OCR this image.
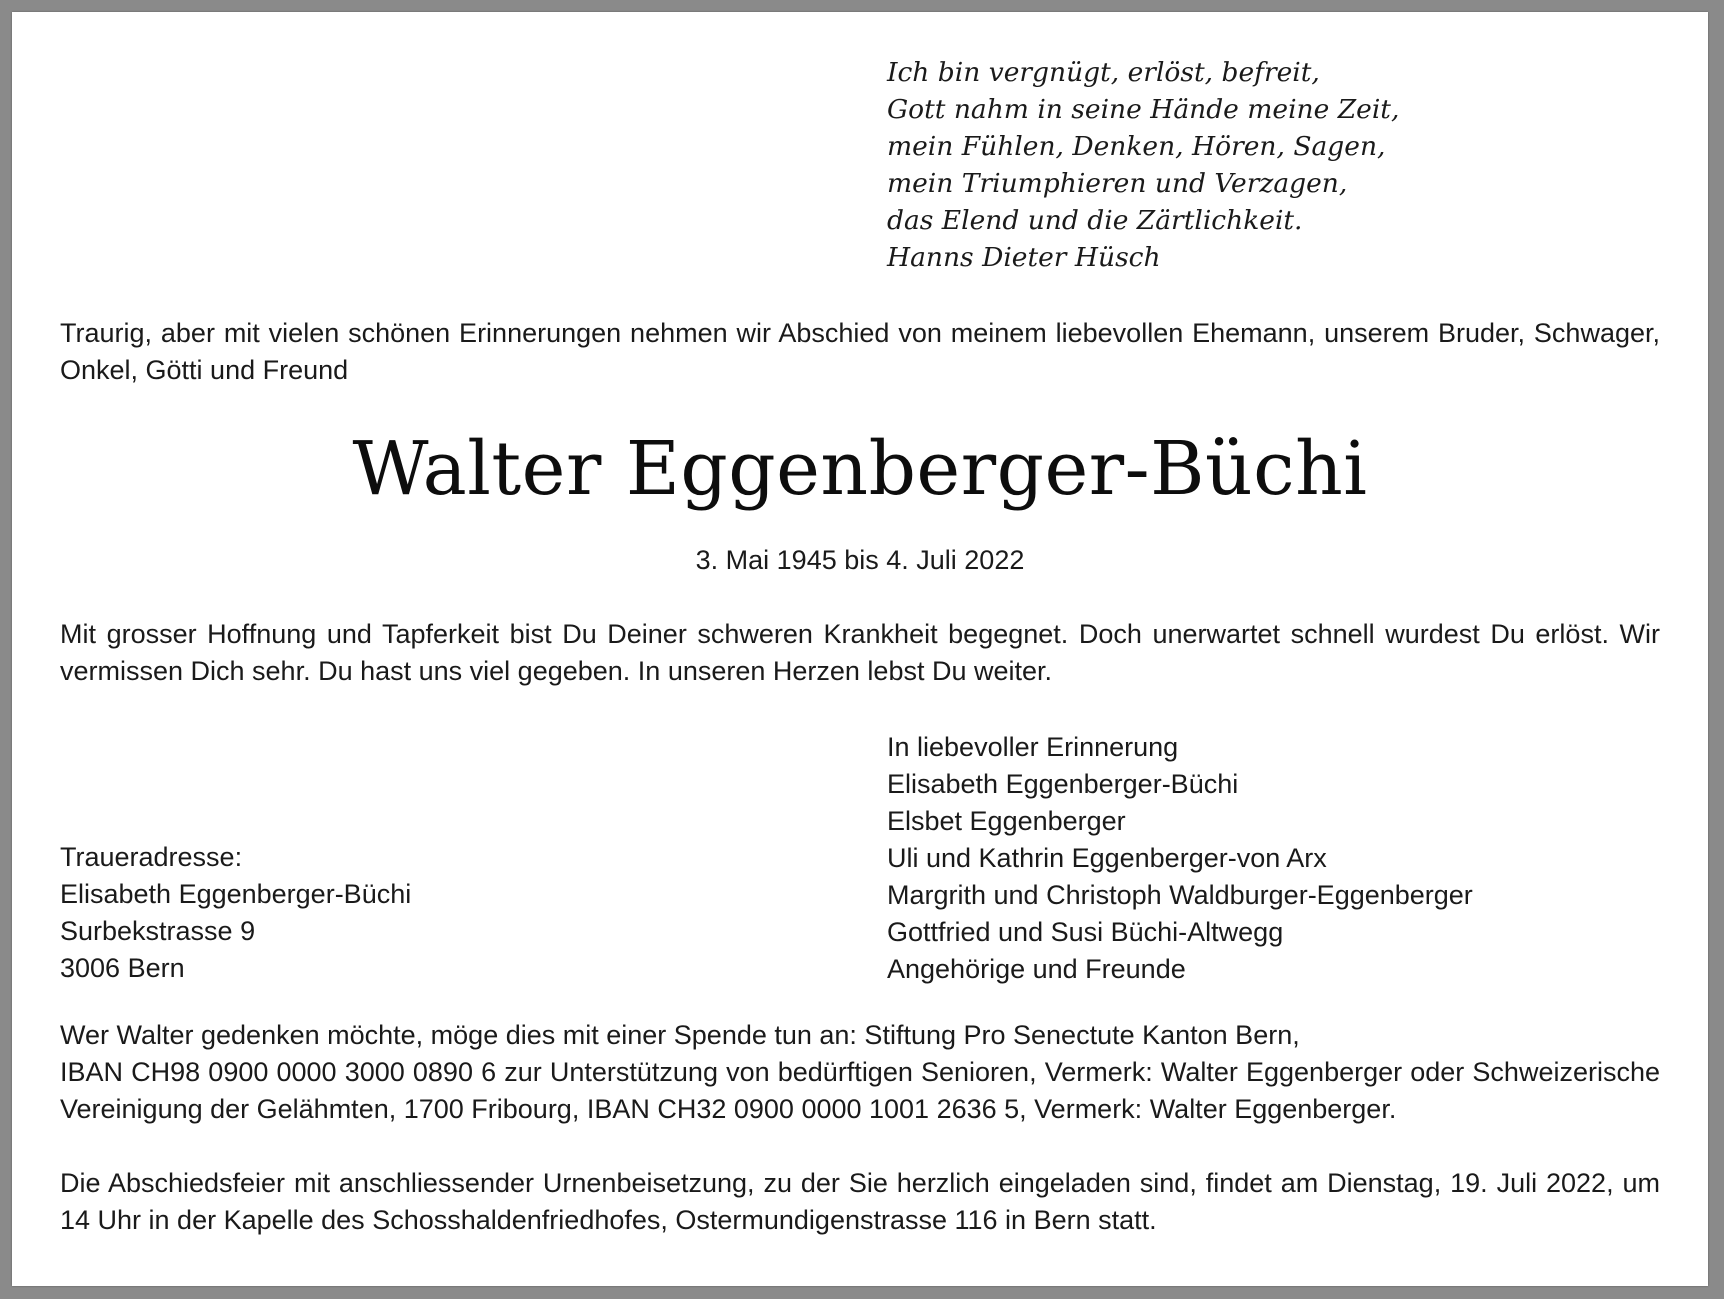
Ich bin vergnügt, erlöst, befreit,
Gott nahm in seine Hände meine Zeit,
mein Fühlen, Denken, Hören, Sagen,
mein Triumphieren und Verzagen,
das Elend und die Zärtlichkeit.
Hanns Dieter Hüsch
Traurig, aber mit vielen schönen Erinnerungen nehmen wir Abschied von meinem liebevollen Ehemann, unserem Bruder, Schwager, Onkel, Götti und Freund
Walter Eggenberger-Büchi
3. Mai 1945 bis 4. Juli 2022
Mit grosser Hoffnung und Tapferkeit bist Du Deiner schweren Krankheit begegnet. Doch unerwartet schnell wurdest Du erlöst. Wir vermissen Dich sehr. Du hast uns viel gegeben. In unseren Herzen lebst Du weiter.
In liebevoller Erinnerung
Elisabeth Eggenberger-Büchi
Elsbet Eggenberger
Uli und Kathrin Eggenberger-von Arx
Margrith und Christoph Waldburger-Eggenberger
Gottfried und Susi Büchi-Altwegg
Angehörige und Freunde
Traueradresse:
Elisabeth Eggenberger-Büchi
Surbekstrasse 9
3006 Bern
Wer Walter gedenken möchte, möge dies mit einer Spende tun an: Stiftung Pro Senectute Kanton Bern,
IBAN CH98 0900 0000 3000 0890 6 zur Unterstützung von bedürftigen Senioren, Vermerk: Walter Eggenberger oder Schweizerische Vereinigung der Gelähmten, 1700 Fribourg, IBAN CH32 0900 0000 1001 2636 5, Vermerk: Walter Eggenberger.
Die Abschiedsfeier mit anschliessender Urnenbeisetzung, zu der Sie herzlich eingeladen sind, findet am Dienstag, 19. Juli 2022, um 14 Uhr in der Kapelle des Schosshaldenfriedhofes, Ostermundigenstrasse 116 in Bern statt.
